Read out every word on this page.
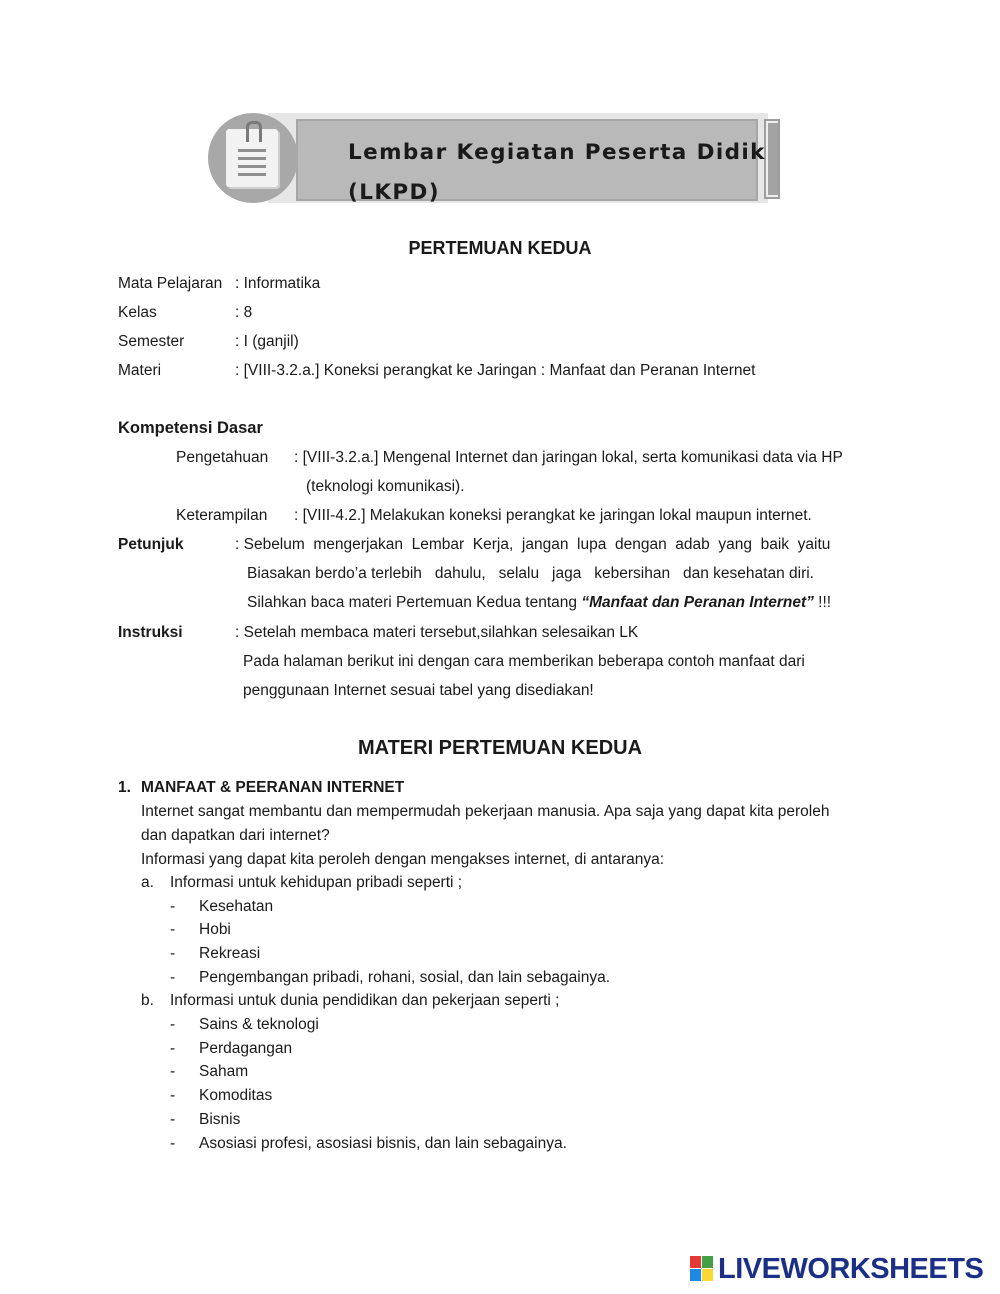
Lembar Kegiatan Peserta Didik
(LKPD)
PERTEMUAN KEDUA
Mata Pelajaran : Informatika
Kelas	: 8
Semester	: I (ganjil)
Materi	: [VIII-3.2.a.] Koneksi perangkat ke Jaringan : Manfaat dan Peranan Internet
Kompetensi Dasar
Pengetahuan : [VIII-3.2.a.] Mengenal Internet dan jaringan lokal, serta komunikasi data via HP
(teknologi komunikasi).
Keterampilan : [VIII-4.2.] Melakukan koneksi perangkat ke jaringan lokal maupun internet.
Petunjuk	: Sebelum  mengerjakan  Lembar  Kerja,  jangan  lupa  dengan  adab  yang  baik  yaitu
Biasakan berdo’a terlebih   dahulu,   selalu   jaga   kebersihan   dan kesehatan diri.
Silahkan baca materi Pertemuan Kedua tentang “Manfaat dan Peranan Internet” !!!
Instruksi	: Setelah membaca materi tersebut,silahkan selesaikan LK
Pada halaman berikut ini dengan cara memberikan beberapa contoh manfaat dari
penggunaan Internet sesuai tabel yang disediakan!
MATERI PERTEMUAN KEDUA
1. MANFAAT & PEERANAN INTERNET
Internet sangat membantu dan mempermudah pekerjaan manusia. Apa saja yang dapat kita peroleh
dan dapatkan dari internet?
Informasi yang dapat kita peroleh dengan mengakses internet, di antaranya:
a. Informasi untuk kehidupan pribadi seperti ;
- Kesehatan
- Hobi
- Rekreasi
- Pengembangan pribadi, rohani, sosial, dan lain sebagainya.
b. Informasi untuk dunia pendidikan dan pekerjaan seperti ;
- Sains & teknologi
- Perdagangan
- Saham
- Komoditas
- Bisnis
- Asosiasi profesi, asosiasi bisnis, dan lain sebagainya.
LIVEWORKSHEETS
